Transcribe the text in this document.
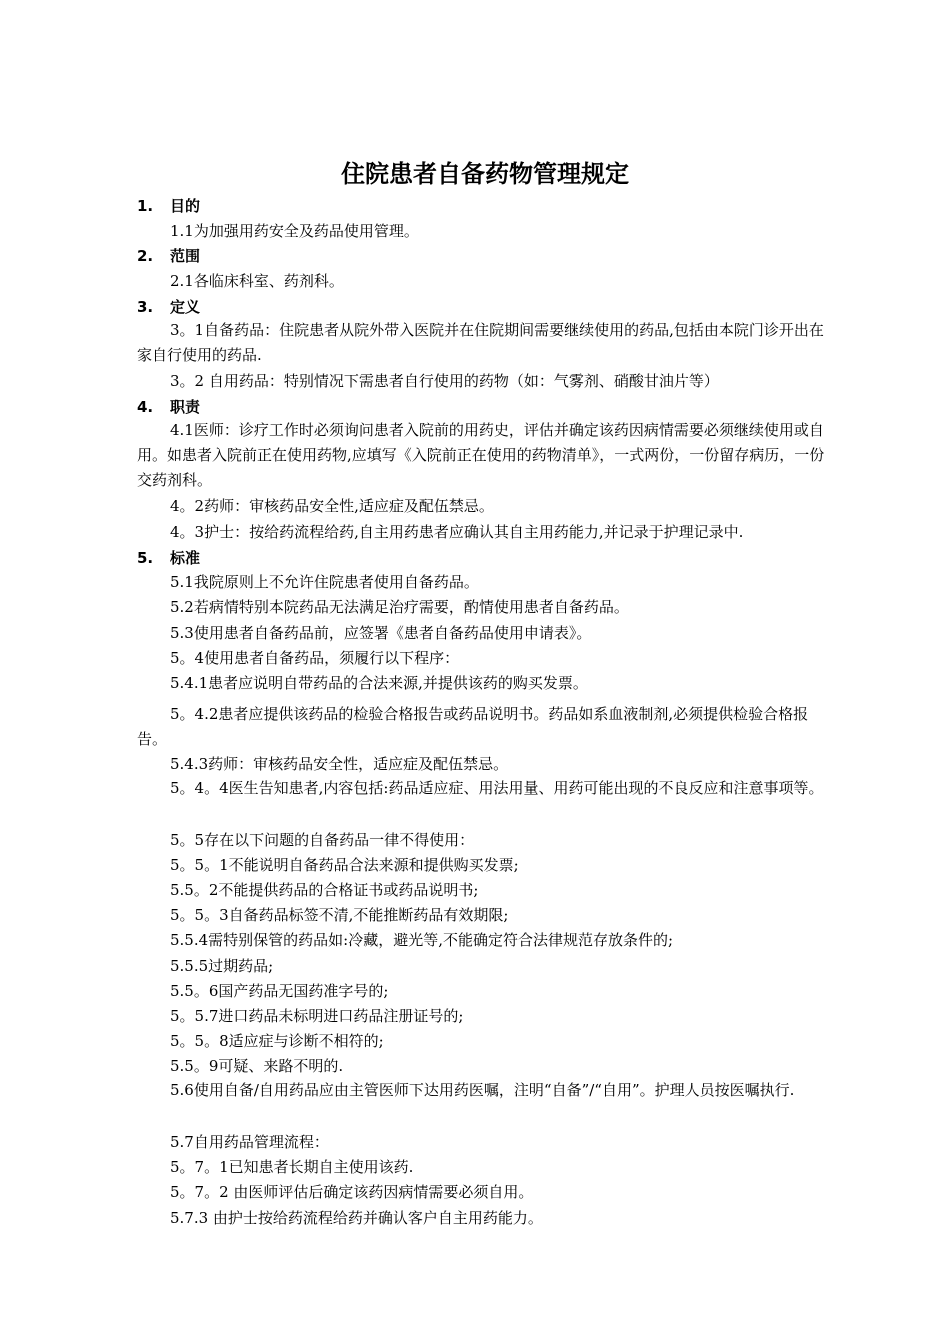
住院患者自备药物管理规定
1. 目的
1.1为加强用药安全及药品使用管理。
2. 范围
2.1各临床科室、药剂科。
3. 定义
3。1自备药品：住院患者从院外带入医院并在住院期间需要继续使用的药品,包括由本院门诊开出在家自行使用的药品.
3。2 自用药品：特别情况下需患者自行使用的药物（如：气雾剂、硝酸甘油片等）
4. 职责
4.1医师：诊疗工作时必须询问患者入院前的用药史，评估并确定该药因病情需要必须继续使用或自用。如患者入院前正在使用药物,应填写《入院前正在使用的药物清单》，一式两份，一份留存病历，一份交药剂科。
4。2药师：审核药品安全性,适应症及配伍禁忌。
4。3护士：按给药流程给药,自主用药患者应确认其自主用药能力,并记录于护理记录中.
5. 标准
5.1我院原则上不允许住院患者使用自备药品。
5.2若病情特别本院药品无法满足治疗需要，酌情使用患者自备药品。
5.3使用患者自备药品前，应签署《患者自备药品使用申请表》。
5。4使用患者自备药品，须履行以下程序：
5.4.1患者应说明自带药品的合法来源,并提供该药的购买发票。
5。4.2患者应提供该药品的检验合格报告或药品说明书。药品如系血液制剂,必须提供检验合格报告。
5.4.3药师：审核药品安全性，适应症及配伍禁忌。
5。4。4医生告知患者,内容包括:药品适应症、用法用量、用药可能出现的不良反应和注意事项等。
5。5存在以下问题的自备药品一律不得使用：
5。5。1不能说明自备药品合法来源和提供购买发票;
5.5。2不能提供药品的合格证书或药品说明书;
5。5。3自备药品标签不清,不能推断药品有效期限;
5.5.4需特别保管的药品如:冷藏，避光等,不能确定符合法律规范存放条件的;
5.5.5过期药品;
5.5。6国产药品无国药准字号的;
5。5.7进口药品未标明进口药品注册证号的;
5。5。8适应症与诊断不相符的;
5.5。9可疑、来路不明的.
5.6使用自备/自用药品应由主管医师下达用药医嘱，注明“自备”/“自用”。护理人员按医嘱执行.
5.7自用药品管理流程：
5。7。1已知患者长期自主使用该药.
5。7。2 由医师评估后确定该药因病情需要必须自用。
5.7.3 由护士按给药流程给药并确认客户自主用药能力。
